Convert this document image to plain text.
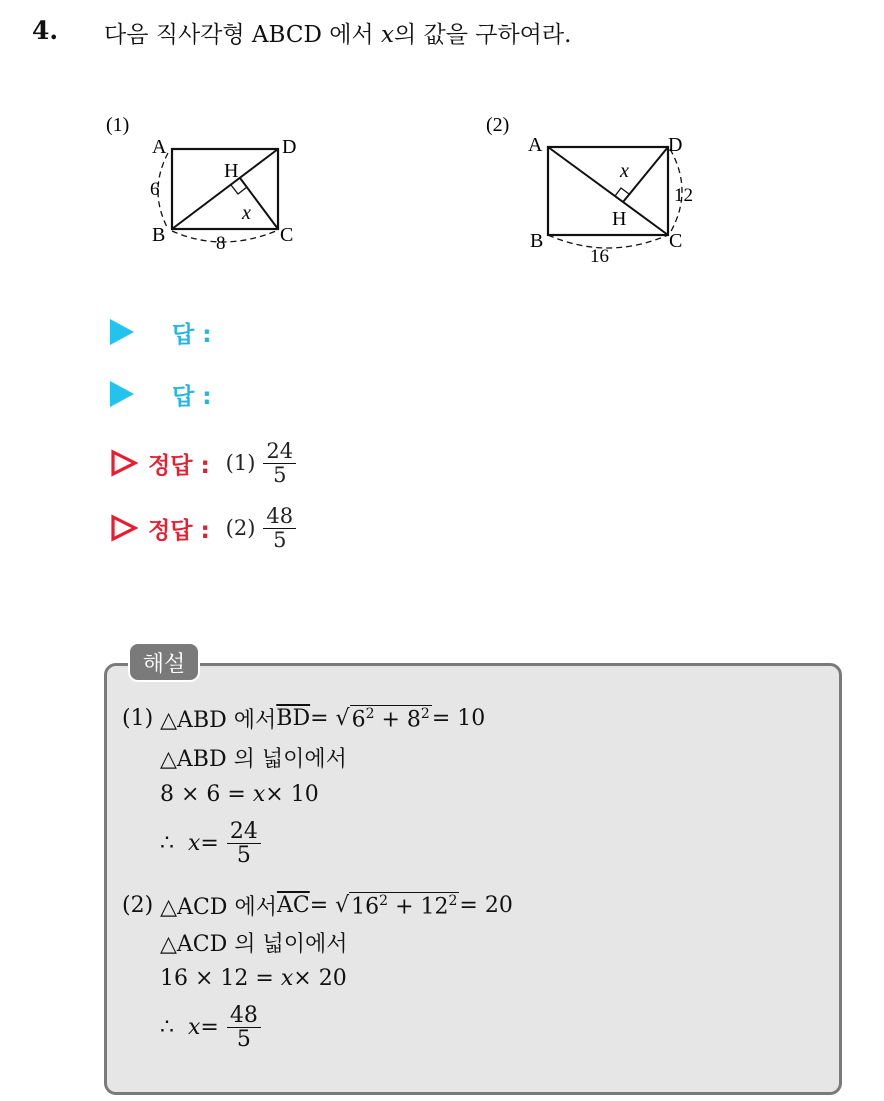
4. 다음 직사각형 ABCD 에서 x의 값을 구하여라.
(1)
A	D
B	C
H
x
6
8
(2)
A	D
B	C
H
x
12
16
답 :
답 :
정답 : $(1) \frac{24}{5}$
정답 : $(2) \frac{48}{5}$
해설
(1)
△ABD 에서 $\overline{BD}$ =
√ $6^2 + 8^2 = 10$
△ABD 의 넓이에서
8 × 6 =
x × 10
∴
$x = \frac{24}{5}$
(2)
△ACD 에서 $\overline{AC}$ =
√ $16^2 + 12^2 = 20$
△ACD 의 넓이에서
16 × 12 =
x × 20
∴
$x = \frac{48}{5}$
